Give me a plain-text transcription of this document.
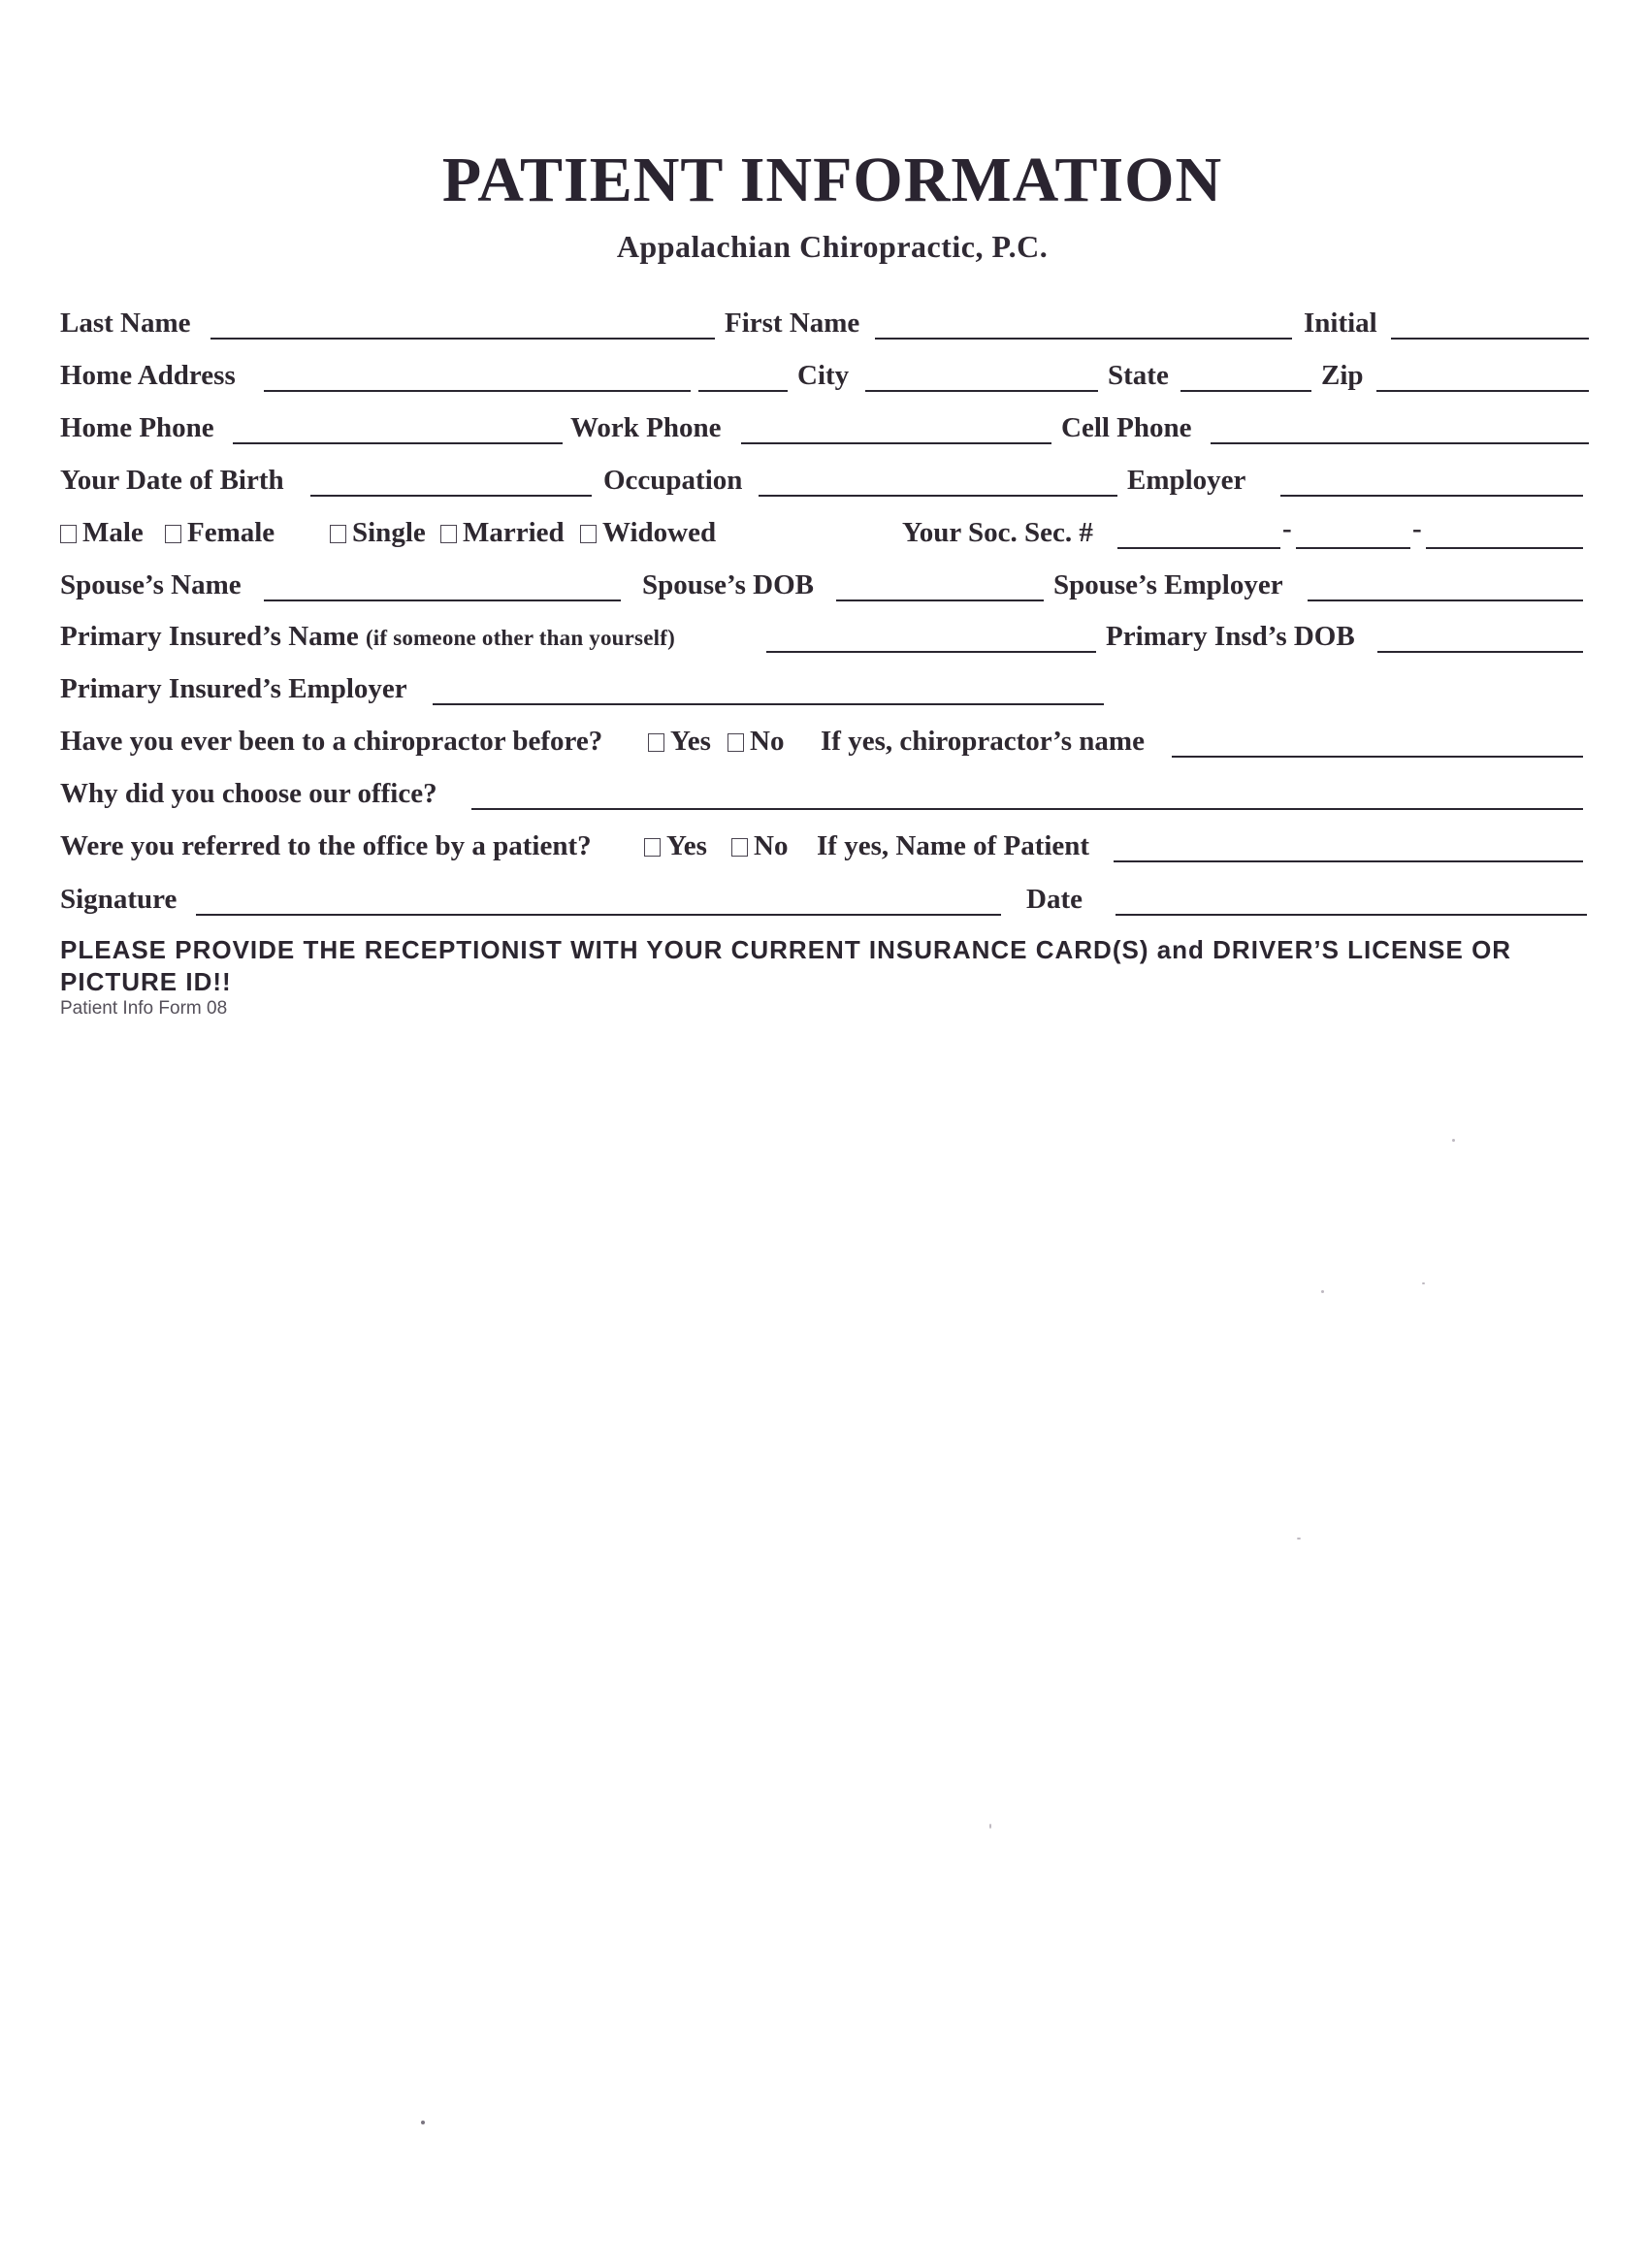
PATIENT INFORMATION
Appalachian Chiropractic, P.C.
Last Name	First Name	Initial
Home Address	City	State	Zip
Home Phone	Work Phone	Cell Phone
Your Date of Birth	Occupation	Employer
Male	Female	Single	Married	Widowed	Your Soc. Sec. #	-	-
Spouse’s Name	Spouse’s DOB	Spouse’s Employer
Primary Insured’s Name (if someone other than yourself)	Primary Insd’s DOB
Primary Insured’s Employer
Have you ever been to a chiropractor before?	Yes	No If yes, chiropractor’s name
Why did you choose our office?
Were you referred to the office by a patient?	Yes	No If yes, Name of Patient
Signature	Date
PLEASE PROVIDE THE RECEPTIONIST WITH YOUR CURRENT INSURANCE CARD(S) and DRIVER’S LICENSE OR PICTURE ID!!
Patient Info Form 08
